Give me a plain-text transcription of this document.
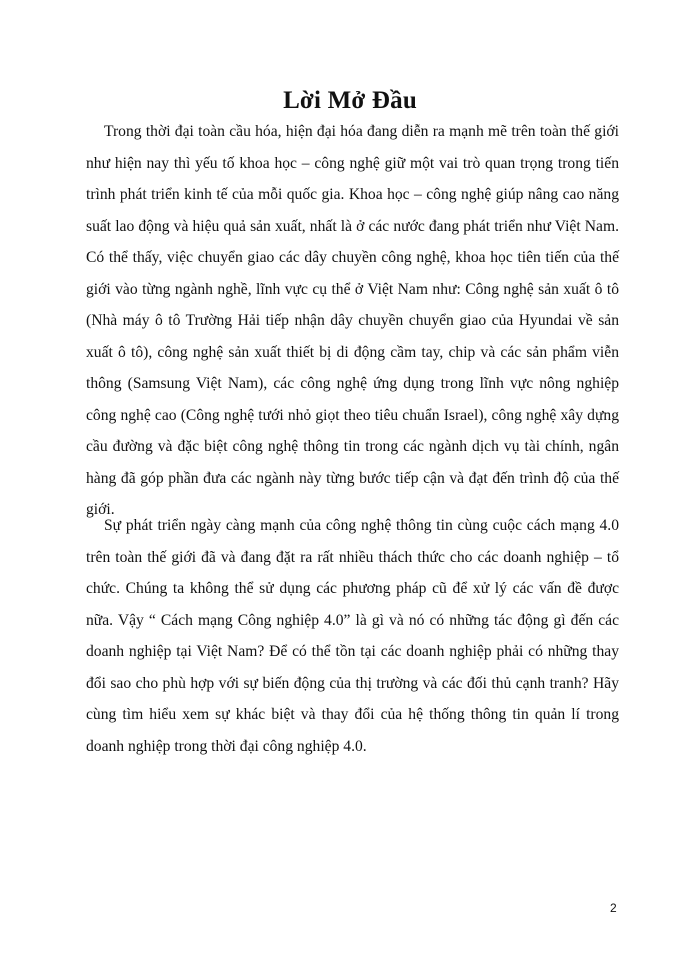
Lời Mở Đầu

Trong thời đại toàn cầu hóa, hiện đại hóa đang diễn ra mạnh mẽ trên toàn thế giới như hiện nay thì yếu tố khoa học – công nghệ giữ một vai trò quan trọng trong tiến trình phát triển kinh tế của mỗi quốc gia. Khoa học – công nghệ giúp nâng cao năng suất lao động và hiệu quả sản xuất, nhất là ở các nước đang phát triển như Việt Nam. Có thể thấy, việc chuyển giao các dây chuyền công nghệ, khoa học tiên tiến của thế giới vào từng ngành nghề, lĩnh vực cụ thể ở Việt Nam như: Công nghệ sản xuất ô tô (Nhà máy ô tô Trường Hải tiếp nhận dây chuyền chuyển giao của Hyundai về sản xuất ô tô), công nghệ sản xuất thiết bị di động cầm tay, chip và các sản phẩm viễn thông (Samsung Việt Nam), các công nghệ ứng dụng trong lĩnh vực nông nghiệp công nghệ cao (Công nghệ tưới nhỏ giọt theo tiêu chuẩn Israel), công nghệ xây dựng cầu đường và đặc biệt công nghệ thông tin trong các ngành dịch vụ tài chính, ngân hàng đã góp phần đưa các ngành này từng bước tiếp cận và đạt đến trình độ của thế giới.

Sự phát triển ngày càng mạnh của công nghệ thông tin cùng cuộc cách mạng 4.0 trên toàn thế giới đã và đang đặt ra rất nhiều thách thức cho các doanh nghiệp – tổ chức. Chúng ta không thể sử dụng các phương pháp cũ để xử lý các vấn đề được nữa. Vậy “ Cách mạng Công nghiệp 4.0” là gì và nó có những tác động gì đến các doanh nghiệp tại Việt Nam? Để có thể tồn tại các doanh nghiệp phải có những thay đổi sao cho phù hợp với sự biến động của thị trường và các đối thủ cạnh tranh? Hãy cùng tìm hiểu xem sự khác biệt và thay đổi của hệ thống thông tin quản lí trong doanh nghiệp trong thời đại công nghiệp 4.0.

2
